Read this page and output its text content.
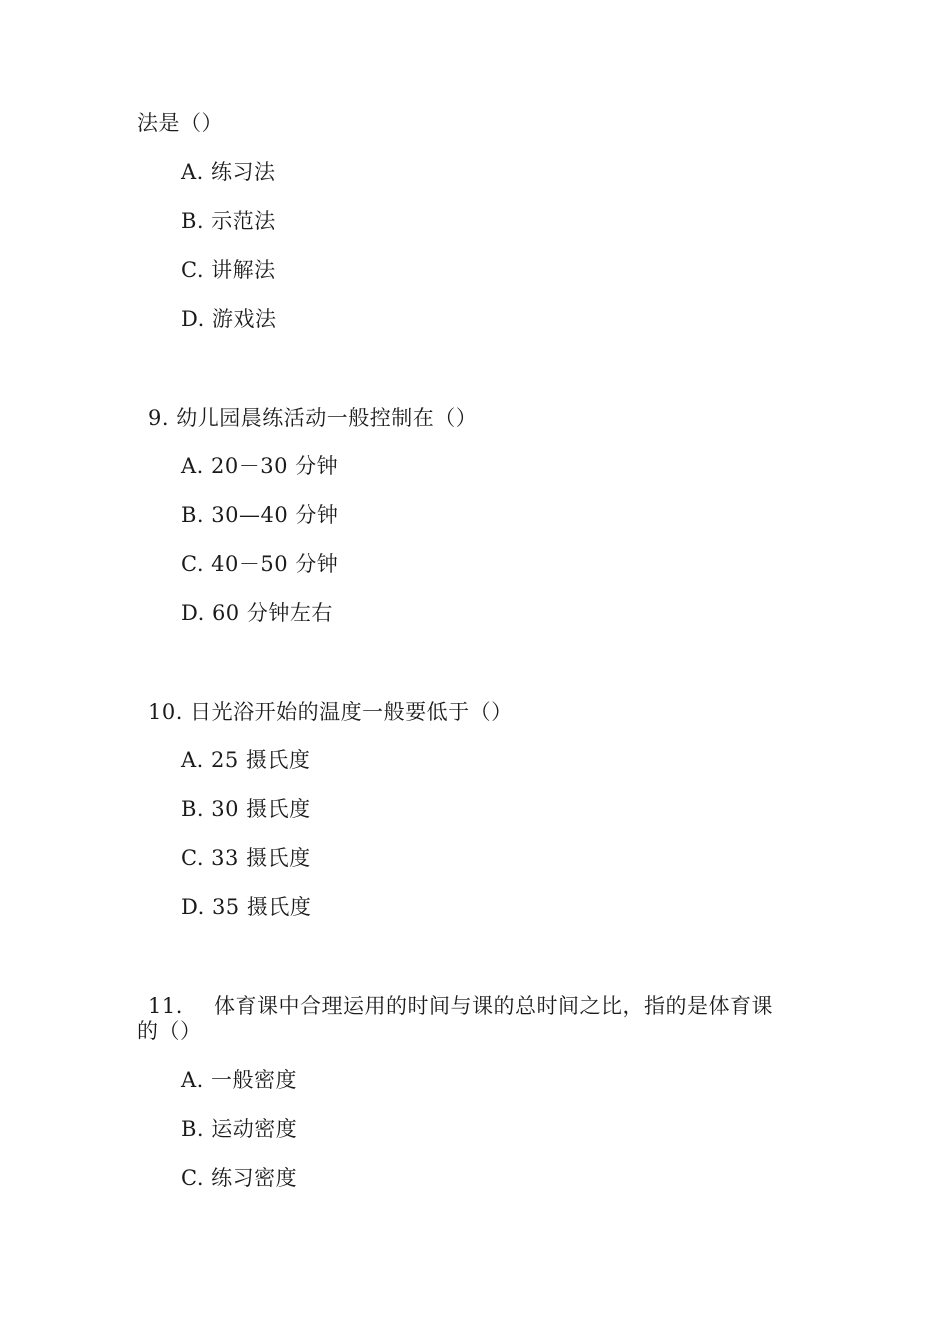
法是（）
A. 练习法
B. 示范法
C. 讲解法
D. 游戏法
9. 幼儿园晨练活动一般控制在（）
A. 20－30 分钟
B. 30—40 分钟
C. 40－50 分钟
D. 60 分钟左右
10. 日光浴开始的温度一般要低于（）
A. 25 摄氏度
B. 30 摄氏度
C. 33 摄氏度
D. 35 摄氏度
11. 体育课中合理运用的时间与课的总时间之比，指的是体育课
的（）
A. 一般密度
B. 运动密度
C. 练习密度
